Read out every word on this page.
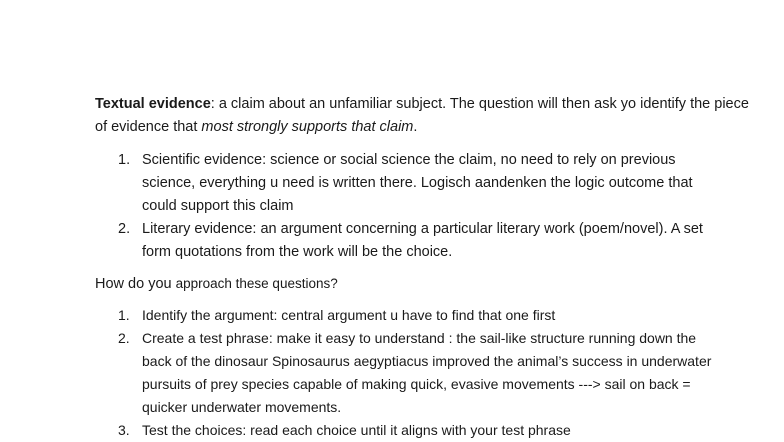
Textual evidence: a claim about an unfamiliar subject. The question will then ask yo identify the piece of evidence that most strongly supports that claim.

1. Scientific evidence: science or social science the claim, no need to rely on previous science, everything u need is written there. Logisch aandenken the logic outcome that could support this claim
2. Literary evidence: an argument concerning a particular literary work (poem/novel). A set form quotations from the work will be the choice.

How do you approach these questions?

1. Identify the argument: central argument u have to find that one first
2. Create a test phrase: make it easy to understand : the sail-like structure running down the back of the dinosaur Spinosaurus aegyptiacus improved the animal’s success in underwater pursuits of prey species capable of making quick, evasive movements ---> sail on back = quicker underwater movements.
3. Test the choices: read each choice until it aligns with your test phrase
